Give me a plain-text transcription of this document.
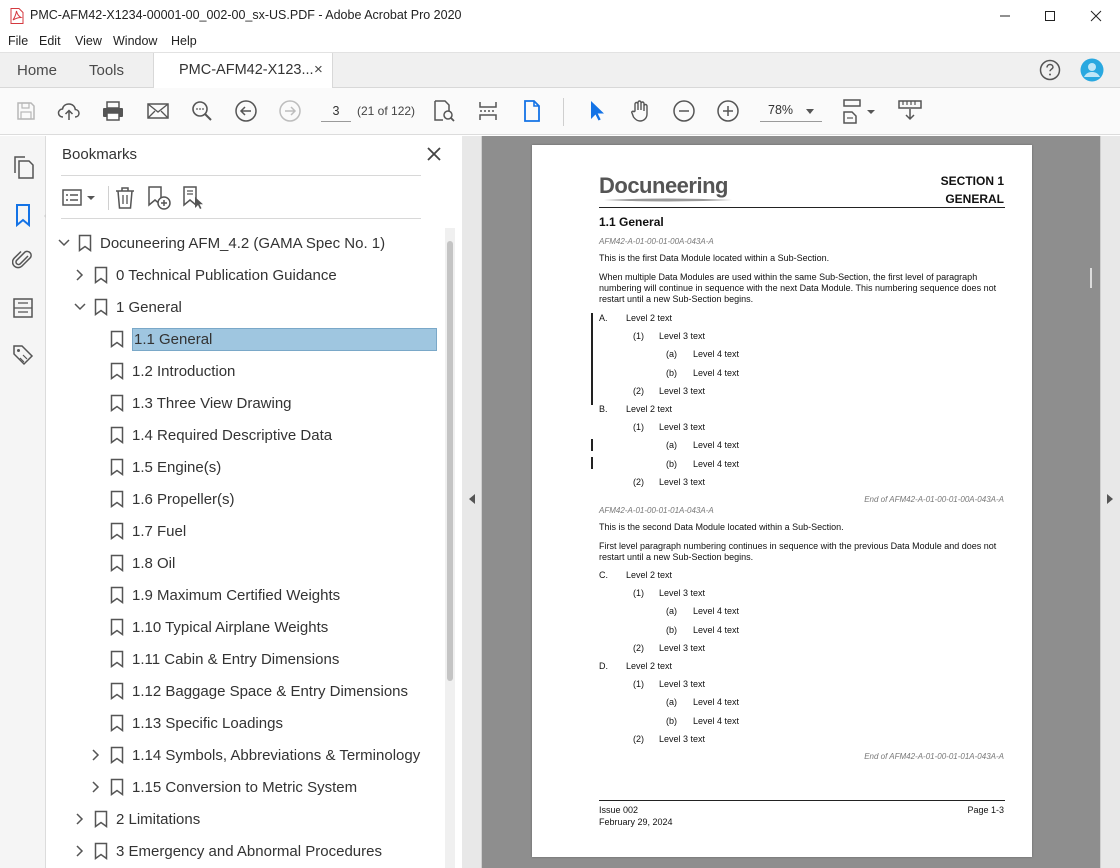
PMC-AFM42-X1234-00001-00_002-00_sx-US.PDF - Adobe Acrobat Pro 2020
File Edit View Window Help
Home Tools	PMC-AFM42-X123... ×
3	(21 of 122)	78%
Bookmarks
Docuneering AFM_4.2 (GAMA Spec No. 1)
0 Technical Publication Guidance
1 General
1.1 General
1.2 Introduction
1.3 Three View Drawing
1.4 Required Descriptive Data
1.5 Engine(s)
1.6 Propeller(s)
1.7 Fuel
1.8 Oil
1.9 Maximum Certified Weights
1.10 Typical Airplane Weights
1.11 Cabin & Entry Dimensions
1.12 Baggage Space & Entry Dimensions
1.13 Specific Loadings
1.14 Symbols, Abbreviations & Terminology
1.15 Conversion to Metric System
2 Limitations
3 Emergency and Abnormal Procedures
Docuneering	SECTION 1
GENERAL
1.1 General
AFM42-A-01-00-01-00A-043A-A
This is the first Data Module located within a Sub-Section.
When multiple Data Modules are used within the same Sub-Section, the first level of paragraph numbering will continue in sequence with the next Data Module. This numbering sequence does not restart until a new Sub-Section begins.
A. Level 2 text
(1) Level 3 text
(a) Level 4 text
(b) Level 4 text
(2) Level 3 text
B. Level 2 text
(1) Level 3 text
(a) Level 4 text
(b) Level 4 text
(2) Level 3 text
End of AFM42-A-01-00-01-00A-043A-A
AFM42-A-01-00-01-01A-043A-A
This is the second Data Module located within a Sub-Section.
First level paragraph numbering continues in sequence with the previous Data Module and does not restart until a new Sub-Section begins.
C. Level 2 text
(1) Level 3 text
(a) Level 4 text
(b) Level 4 text
(2) Level 3 text
D. Level 2 text
(1) Level 3 text
(a) Level 4 text
(b) Level 4 text
(2) Level 3 text
End of AFM42-A-01-00-01-01A-043A-A
Issue 002
February 29, 2024
Page 1-3
